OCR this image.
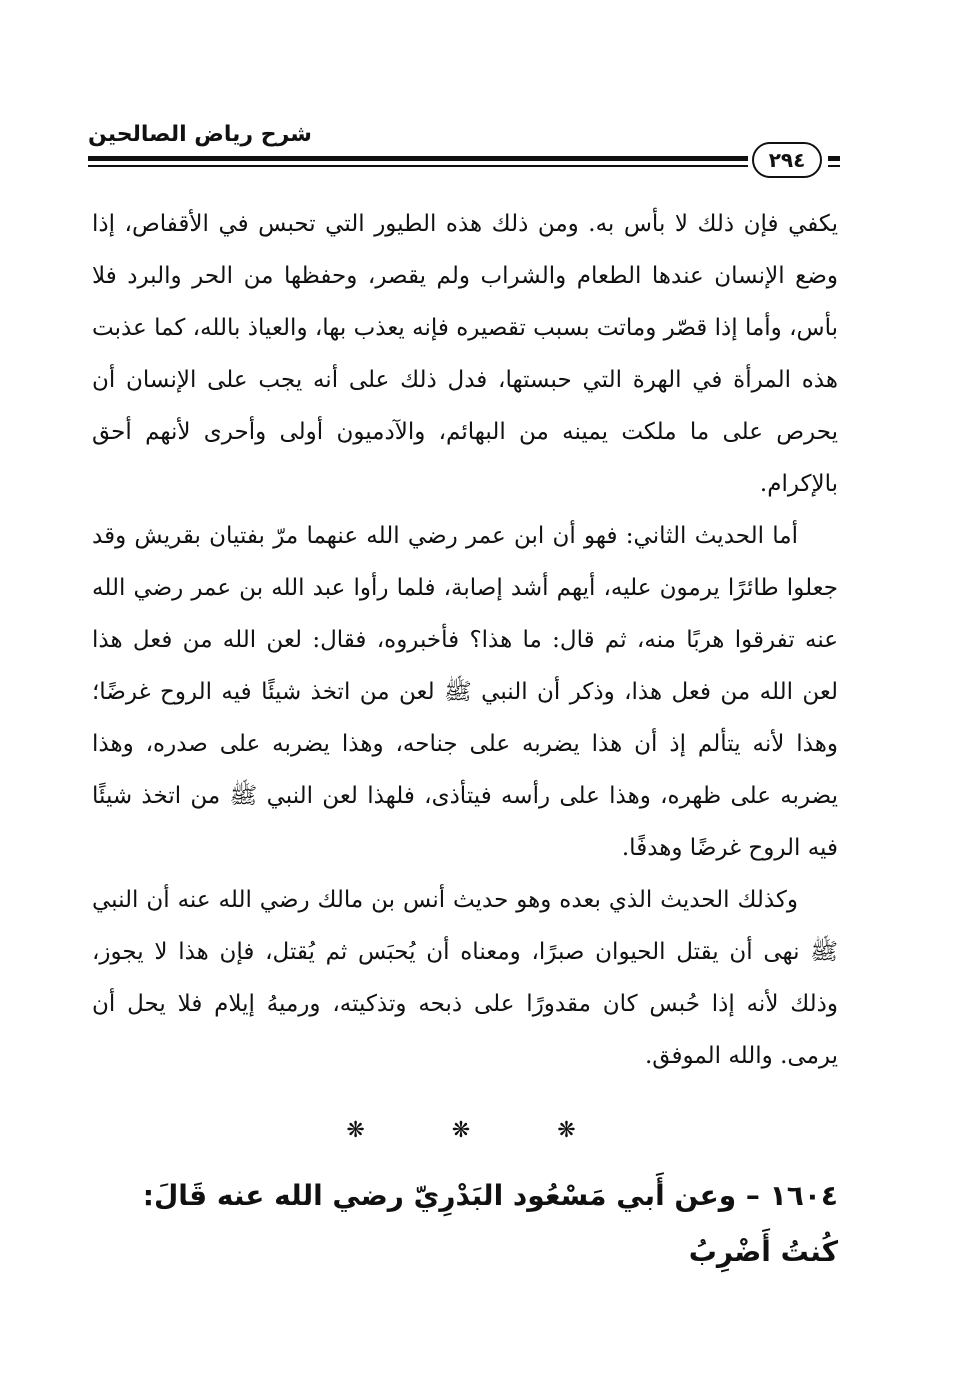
شرح رياض الصالحين
٢٩٤

يكفي فإن ذلك لا بأس به. ومن ذلك هذه الطيور التي تحبس في الأقفاص، إذا وضع الإنسان عندها الطعام والشراب ولم يقصر، وحفظها من الحر والبرد فلا بأس، وأما إذا قصّر وماتت بسبب تقصيره فإنه يعذب بها، والعياذ بالله، كما عذبت هذه المرأة في الهرة التي حبستها، فدل ذلك على أنه يجب على الإنسان أن يحرص على ما ملكت يمينه من البهائم، والآدميون أولى وأحرى لأنهم أحق بالإكرام.

أما الحديث الثاني: فهو أن ابن عمر رضي الله عنهما مرّ بفتيان بقريش وقد جعلوا طائرًا يرمون عليه، أيهم أشد إصابة، فلما رأوا عبد الله بن عمر رضي الله عنه تفرقوا هربًا منه، ثم قال: ما هذا؟ فأخبروه، فقال: لعن الله من فعل هذا لعن الله من فعل هذا، وذكر أن النبي ﷺ لعن من اتخذ شيئًا فيه الروح غرضًا؛ وهذا لأنه يتألم إذ أن هذا يضربه على جناحه، وهذا يضربه على صدره، وهذا يضربه على ظهره، وهذا على رأسه فيتأذى، فلهذا لعن النبي ﷺ من اتخذ شيئًا فيه الروح غرضًا وهدفًا.

وكذلك الحديث الذي بعده وهو حديث أنس بن مالك رضي الله عنه أن النبي ﷺ نهى أن يقتل الحيوان صبرًا، ومعناه أن يُحبَس ثم يُقتل، فإن هذا لا يجوز، وذلك لأنه إذا حُبس كان مقدورًا على ذبحه وتذكيته، ورميهُ إيلام فلا يحل أن يرمى. والله الموفق.

❋	❋	❋
١٦٠٤ – وعن أَبي مَسْعُود البَدْرِيّ رضي الله عنه قَالَ: كُنتُ أَضْرِبُ
